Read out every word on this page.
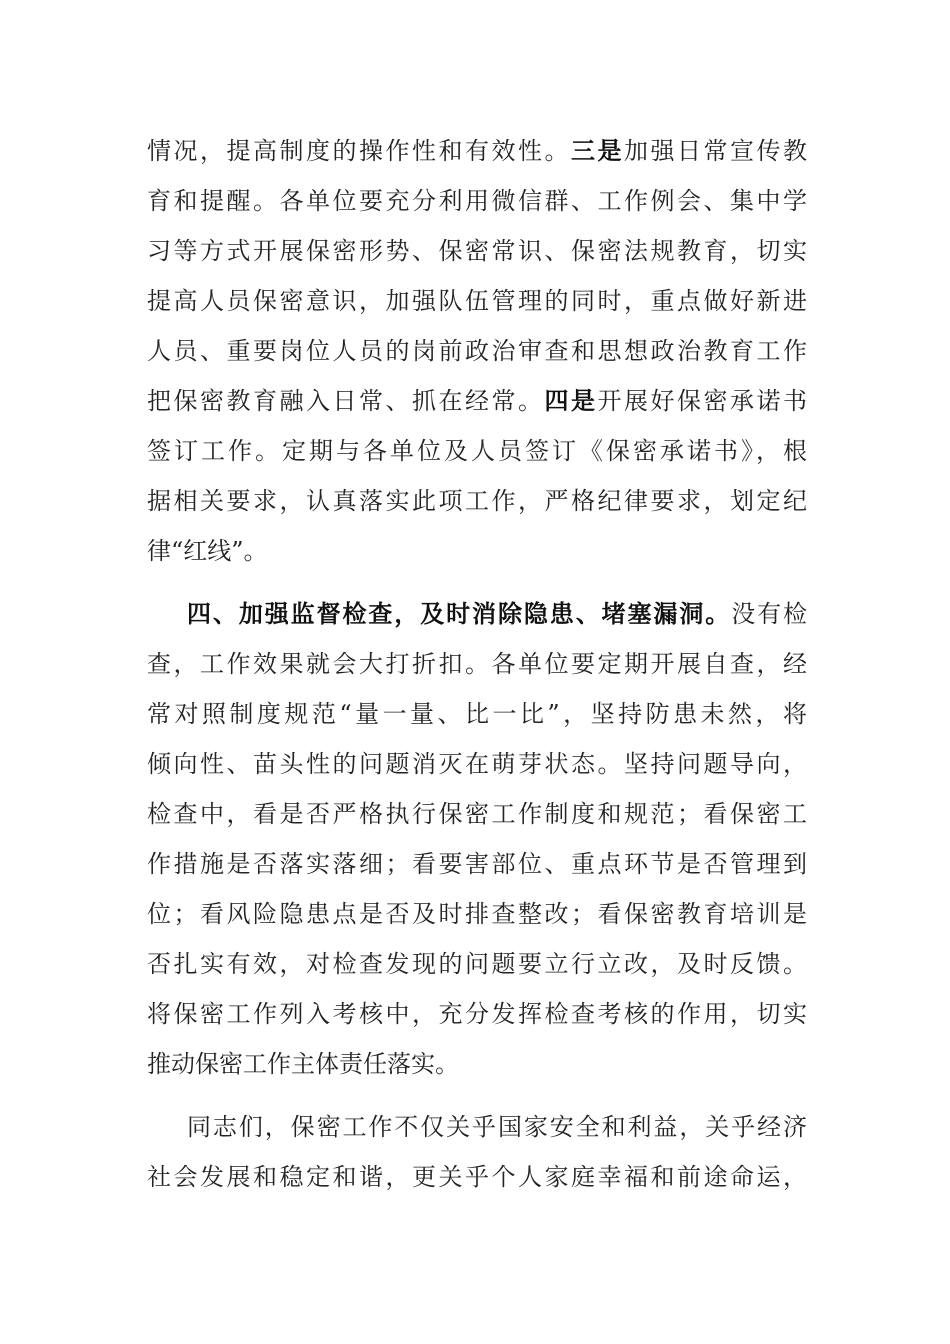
情况，提高制度的操作性和有效性。三是加强日常宣传教
育和提醒。各单位要充分利用微信群、工作例会、集中学
习等方式开展保密形势、保密常识、保密法规教育，切实
提高人员保密意识，加强队伍管理的同时，重点做好新进
人员、重要岗位人员的岗前政治审查和思想政治教育工作
把保密教育融入日常、抓在经常。四是开展好保密承诺书
签订工作。定期与各单位及人员签订《保密承诺书》，根
据相关要求，认真落实此项工作，严格纪律要求，划定纪
律“红线”。
四、加强监督检查，及时消除隐患、堵塞漏洞。没有检
查，工作效果就会大打折扣。各单位要定期开展自查，经
常对照制度规范“量一量、比一比”，坚持防患未然，将
倾向性、苗头性的问题消灭在萌芽状态。坚持问题导向，
检查中，看是否严格执行保密工作制度和规范；看保密工
作措施是否落实落细；看要害部位、重点环节是否管理到
位；看风险隐患点是否及时排查整改；看保密教育培训是
否扎实有效，对检查发现的问题要立行立改，及时反馈。
将保密工作列入考核中，充分发挥检查考核的作用，切实
推动保密工作主体责任落实。
同志们，保密工作不仅关乎国家安全和利益，关乎经济
社会发展和稳定和谐，更关乎个人家庭幸福和前途命运，
